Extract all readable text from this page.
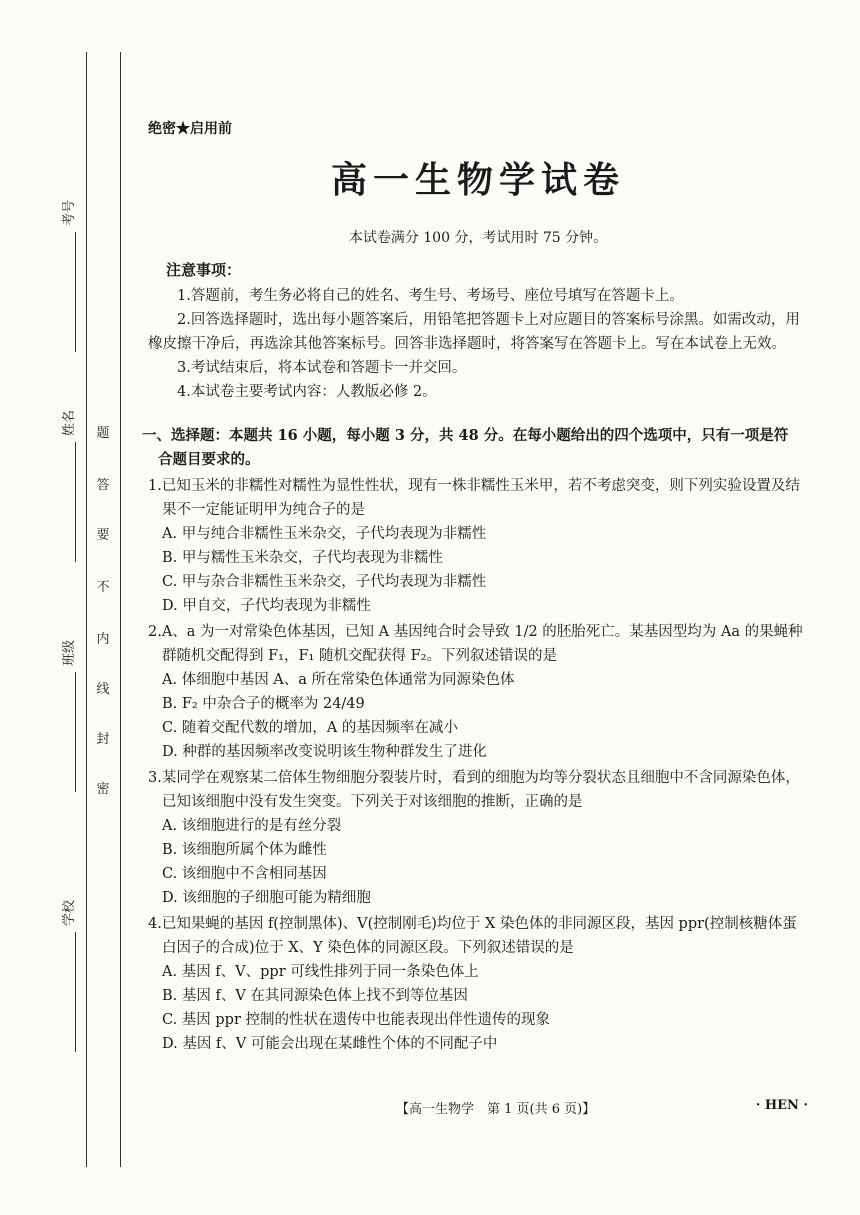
考号
姓名
班级
学校
密
封
线
内
不
要
答
题
绝密★启用前
高一生物学试卷
本试卷满分 100 分，考试用时 75 分钟。
注意事项：
1.答题前，考生务必将自己的姓名、考生号、考场号、座位号填写在答题卡上。
2.回答选择题时，选出每小题答案后，用铅笔把答题卡上对应题目的答案标号涂黑。如需改动，用橡皮擦干净后，再选涂其他答案标号。回答非选择题时，将答案写在答题卡上。写在本试卷上无效。
3.考试结束后，将本试卷和答题卡一并交回。
4.本试卷主要考试内容：人教版必修 2。
一、选择题：本题共 16 小题，每小题 3 分，共 48 分。在每小题给出的四个选项中，只有一项是符
合题目要求的。
1.已知玉米的非糯性对糯性为显性性状，现有一株非糯性玉米甲，若不考虑突变，则下列实验设置及结果不一定能证明甲为纯合子的是
A. 甲与纯合非糯性玉米杂交，子代均表现为非糯性
B. 甲与糯性玉米杂交，子代均表现为非糯性
C. 甲与杂合非糯性玉米杂交，子代均表现为非糯性
D. 甲自交，子代均表现为非糯性
2.A、a 为一对常染色体基因，已知 A 基因纯合时会导致 1/2 的胚胎死亡。某基因型均为 Aa 的果蝇种群随机交配得到 F₁，F₁ 随机交配获得 F₂。下列叙述错误的是
A. 体细胞中基因 A、a 所在常染色体通常为同源染色体
B. F₂ 中杂合子的概率为 24/49
C. 随着交配代数的增加，A 的基因频率在减小
D. 种群的基因频率改变说明该生物种群发生了进化
3.某同学在观察某二倍体生物细胞分裂装片时，看到的细胞为均等分裂状态且细胞中不含同源染色体，已知该细胞中没有发生突变。下列关于对该细胞的推断，正确的是
A. 该细胞进行的是有丝分裂
B. 该细胞所属个体为雌性
C. 该细胞中不含相同基因
D. 该细胞的子细胞可能为精细胞
4.已知果蝇的基因 f(控制黑体)、V(控制刚毛)均位于 X 染色体的非同源区段，基因 ppr(控制核糖体蛋白因子的合成)位于 X、Y 染色体的同源区段。下列叙述错误的是
A. 基因 f、V、ppr 可线性排列于同一条染色体上
B. 基因 f、V 在其同源染色体上找不到等位基因
C. 基因 ppr 控制的性状在遗传中也能表现出伴性遗传的现象
D. 基因 f、V 可能会出现在某雌性个体的不同配子中
【高一生物学　第 1 页(共 6 页)】	· HEN ·
